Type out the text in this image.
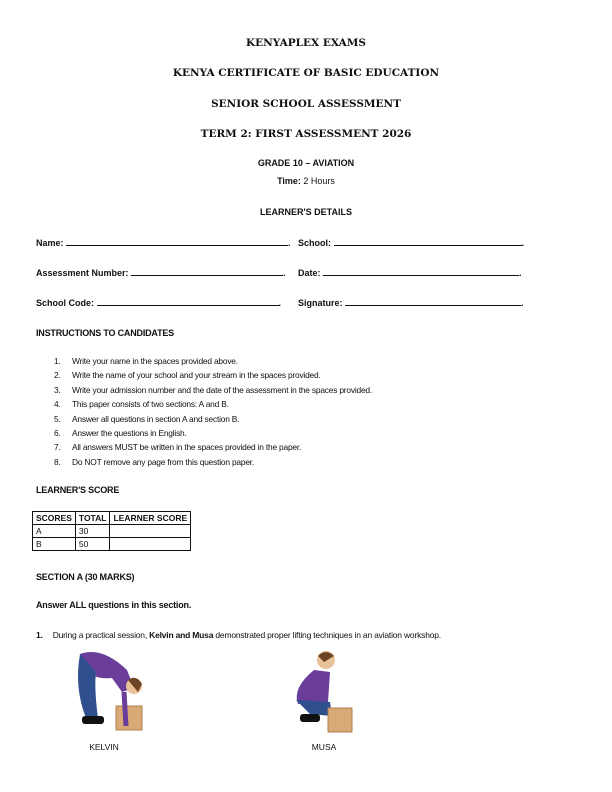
KENYAPLEX EXAMS
KENYA CERTIFICATE OF BASIC EDUCATION
SENIOR SCHOOL ASSESSMENT
TERM 2: FIRST ASSESSMENT 2026
GRADE 10 – AVIATION
Time: 2 Hours
LEARNER'S DETAILS
Name:	. School:	.
Assessment Number:	. Date:	.
School Code:	. Signature:	.
INSTRUCTIONS TO CANDIDATES
1. Write your name in the spaces provided above.
2. Write the name of your school and your stream in the spaces provided.
3. Write your admission number and the date of the assessment in the spaces provided.
4. This paper consists of two sections: A and B.
5. Answer all questions in section A and section B.
6. Answer the questions in English.
7. All answers MUST be written in the spaces provided in the paper.
8. Do NOT remove any page from this question paper.
LEARNER'S SCORE
SCORES	TOTAL	LEARNER SCORE
A	30	
B	50	
SECTION A (30 MARKS)
Answer ALL questions in this section.
1. During a practical session, Kelvin and Musa demonstrated proper lifting techniques in an aviation workshop.
KELVIN	MUSA
